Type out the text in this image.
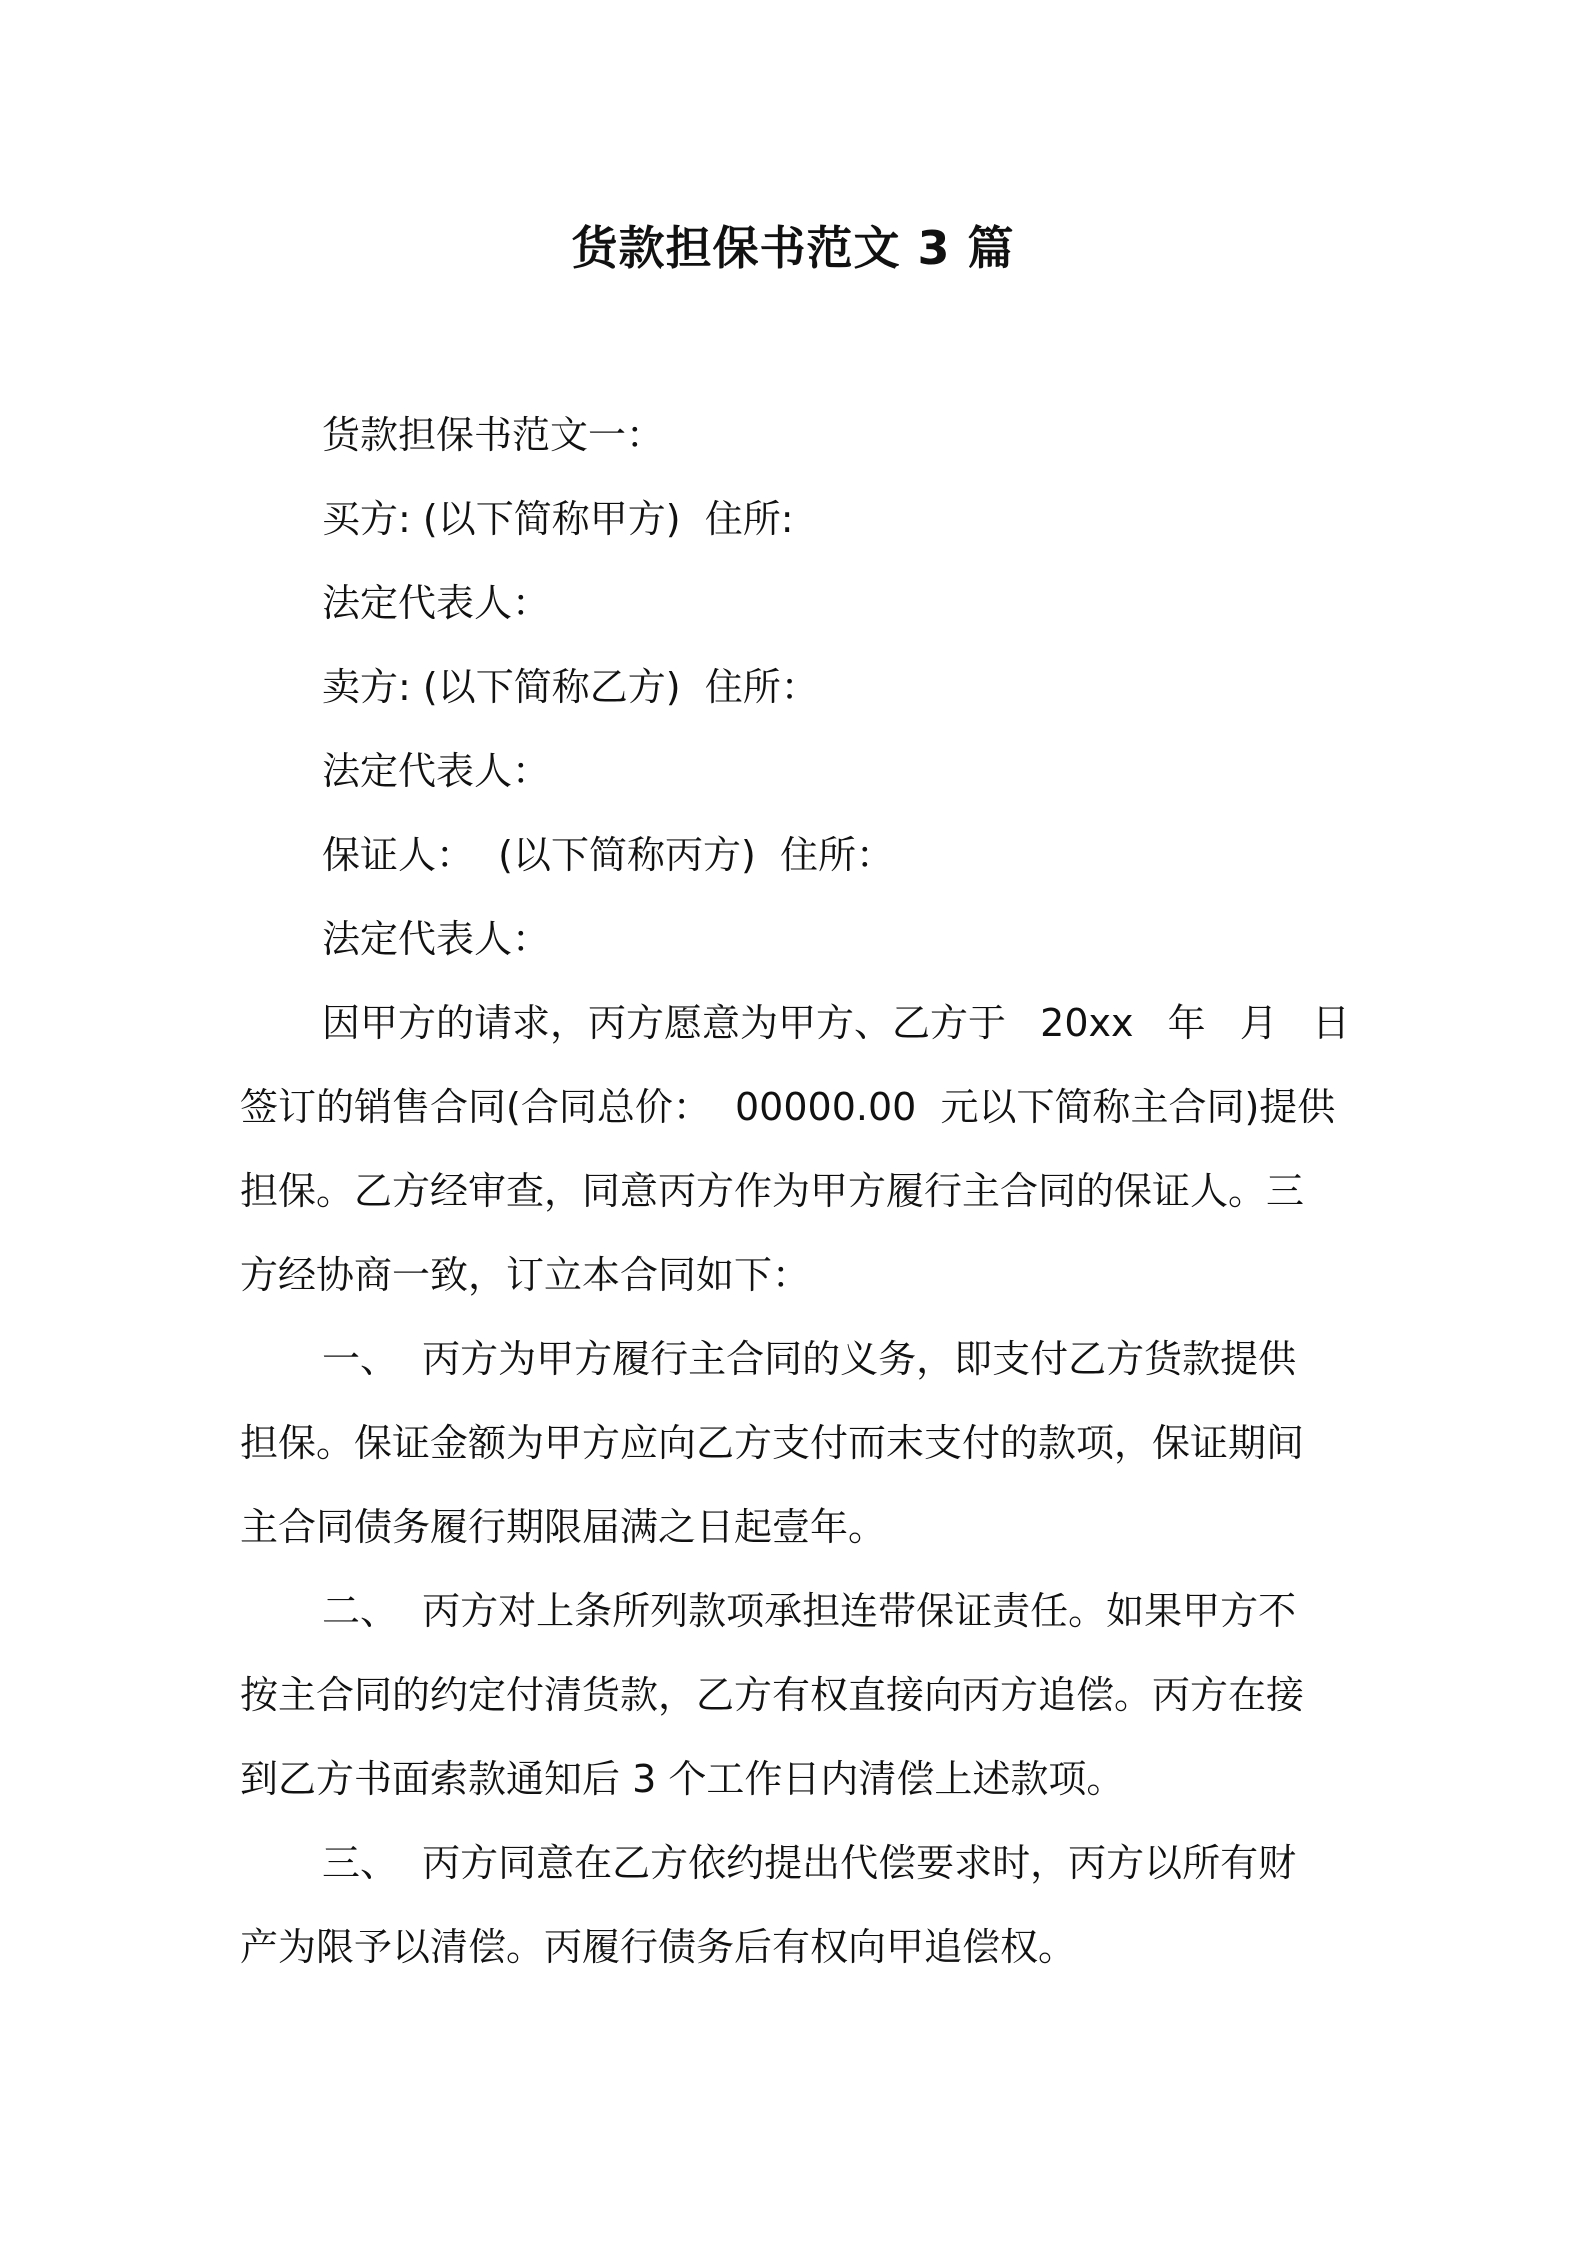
货款担保书范文 3 篇
货款担保书范文一：
买方: (以下简称甲方)  住所:
法定代表人：
卖方: (以下简称乙方)  住所：
法定代表人：
保证人：  (以下简称丙方)  住所：
法定代表人：
因甲方的请求，丙方愿意为甲方、乙方于 20xx 年 月 日
签订的销售合同(合同总价：  00000.00  元以下简称主合同)提供
担保。乙方经审查，同意丙方作为甲方履行主合同的保证人。三
方经协商一致，订立本合同如下：
一、  丙方为甲方履行主合同的义务，即支付乙方货款提供
担保。保证金额为甲方应向乙方支付而末支付的款项，保证期间
主合同债务履行期限届满之日起壹年。
二、  丙方对上条所列款项承担连带保证责任。如果甲方不
按主合同的约定付清货款，乙方有权直接向丙方追偿。丙方在接
到乙方书面索款通知后 3 个工作日内清偿上述款项。
三、  丙方同意在乙方依约提出代偿要求时，丙方以所有财
产为限予以清偿。丙履行债务后有权向甲追偿权。
